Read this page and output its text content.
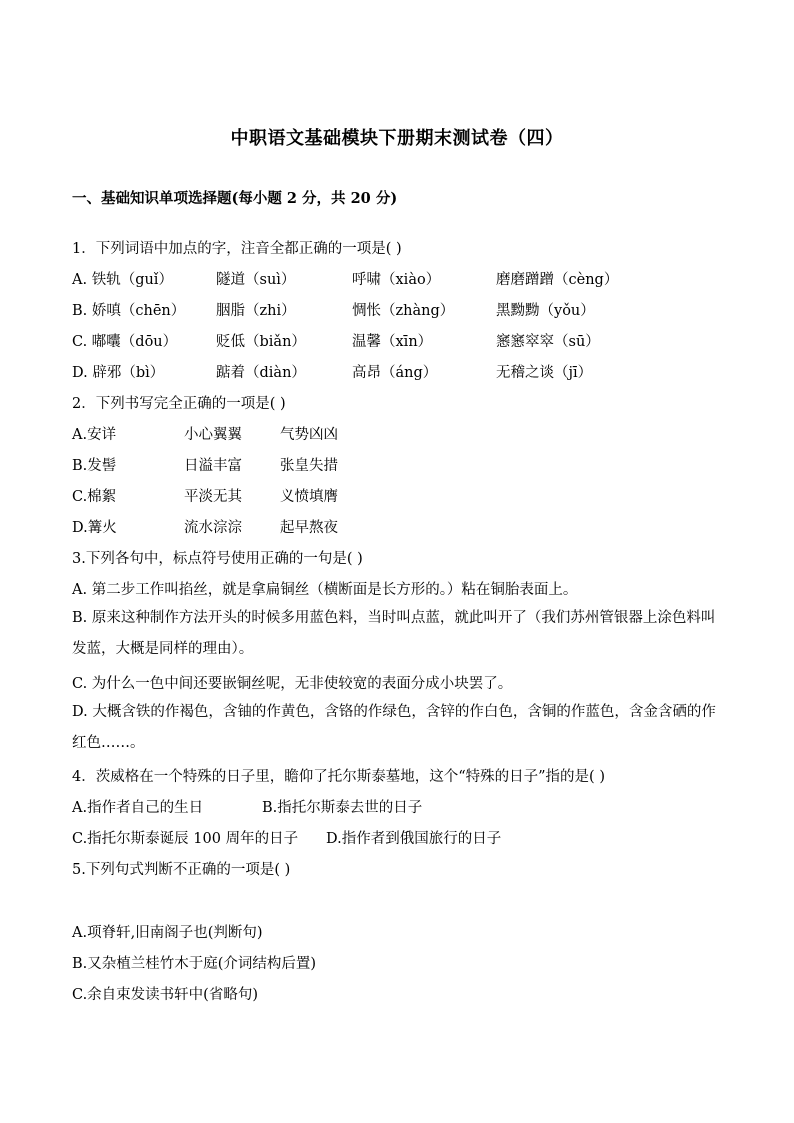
中职语文基础模块下册期末测试卷（四）
一、基础知识单项选择题(每小题 2 分，共 20 分)
1．下列词语中加点的字，注音全都正确的一项是( )
A. 铁轨（guǐ）	隧道（suì）	呼啸（xiào）	磨磨蹭蹭（cèng）
B. 娇嗔（chēn） 胭脂（zhi）	惆怅（zhàng）	黑黝黝（yǒu）
C. 嘟囔（dōu）	贬低（biǎn）	温馨（xīn）	窸窸窣窣（sū）
D. 辟邪（bì）	踮着（diàn）	高昂（áng）	无稽之谈（jī）
2．下列书写完全正确的一项是( )
A.安详	小心翼翼	气势凶凶
B.发髻	日溢丰富	张皇失措
C.棉絮	平淡无其	义愤填膺
D.篝火	流水淙淙	起早熬夜
3.下列各句中，标点符号使用正确的一句是( )
A. 第二步工作叫掐丝，就是拿扁铜丝（横断面是长方形的。）粘在铜胎表面上。
B. 原来这种制作方法开头的时候多用蓝色料，当时叫点蓝，就此叫开了（我们苏州管银器上涂色料叫发蓝，大概是同样的理由）。
C. 为什么一色中间还要嵌铜丝呢，无非使较宽的表面分成小块罢了。
D. 大概含铁的作褐色，含铀的作黄色，含铬的作绿色，含锌的作白色，含铜的作蓝色，含金含硒的作红色……。
4．茨威格在一个特殊的日子里，瞻仰了托尔斯泰墓地，这个“特殊的日子”指的是( )
A.指作者自己的生日	B.指托尔斯泰去世的日子
C.指托尔斯泰诞辰 100 周年的日子 D.指作者到俄国旅行的日子
5.下列句式判断不正确的一项是( )
A.项脊轩,旧南阁子也(判断句)
B.又杂植兰桂竹木于庭(介词结构后置)
C.余自束发读书轩中(省略句)
